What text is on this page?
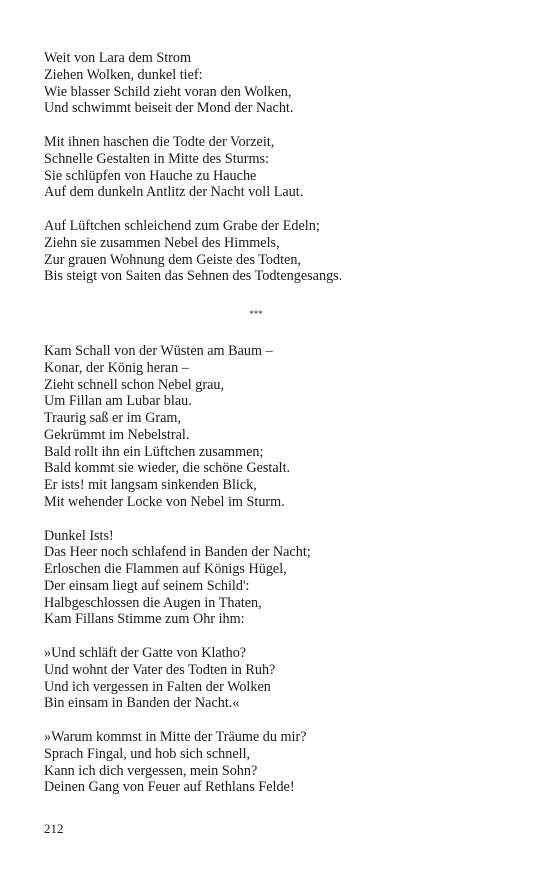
Weit von Lara dem Strom
Ziehen Wolken, dunkel tief:
Wie blasser Schild zieht voran den Wolken,
Und schwimmt beiseit der Mond der Nacht.
Mit ihnen haschen die Todte der Vorzeit,
Schnelle Gestalten in Mitte des Sturms:
Sie schlüpfen von Hauche zu Hauche
Auf dem dunkeln Antlitz der Nacht voll Laut.
Auf Lüftchen schleichend zum Grabe der Edeln;
Ziehn sie zusammen Nebel des Himmels,
Zur grauen Wohnung dem Geiste des Todten,
Bis steigt von Saiten das Sehnen des Todtengesangs.
***
Kam Schall von der Wüsten am Baum –
Konar, der König heran –
Zieht schnell schon Nebel grau,
Um Fillan am Lubar blau.
Traurig saß er im Gram,
Gekrümmt im Nebelstral.
Bald rollt ihn ein Lüftchen zusammen;
Bald kommt sie wieder, die schöne Gestalt.
Er ists! mit langsam sinkenden Blick,
Mit wehender Locke von Nebel im Sturm.
Dunkel Ists!
Das Heer noch schlafend in Banden der Nacht;
Erloschen die Flammen auf Königs Hügel,
Der einsam liegt auf seinem Schild':
Halbgeschlossen die Augen in Thaten,
Kam Fillans Stimme zum Ohr ihm:
»Und schläft der Gatte von Klatho?
Und wohnt der Vater des Todten in Ruh?
Und ich vergessen in Falten der Wolken
Bin einsam in Banden der Nacht.«
»Warum kommst in Mitte der Träume du mir?
Sprach Fingal, und hob sich schnell,
Kann ich dich vergessen, mein Sohn?
Deinen Gang von Feuer auf Rethlans Felde!
212
